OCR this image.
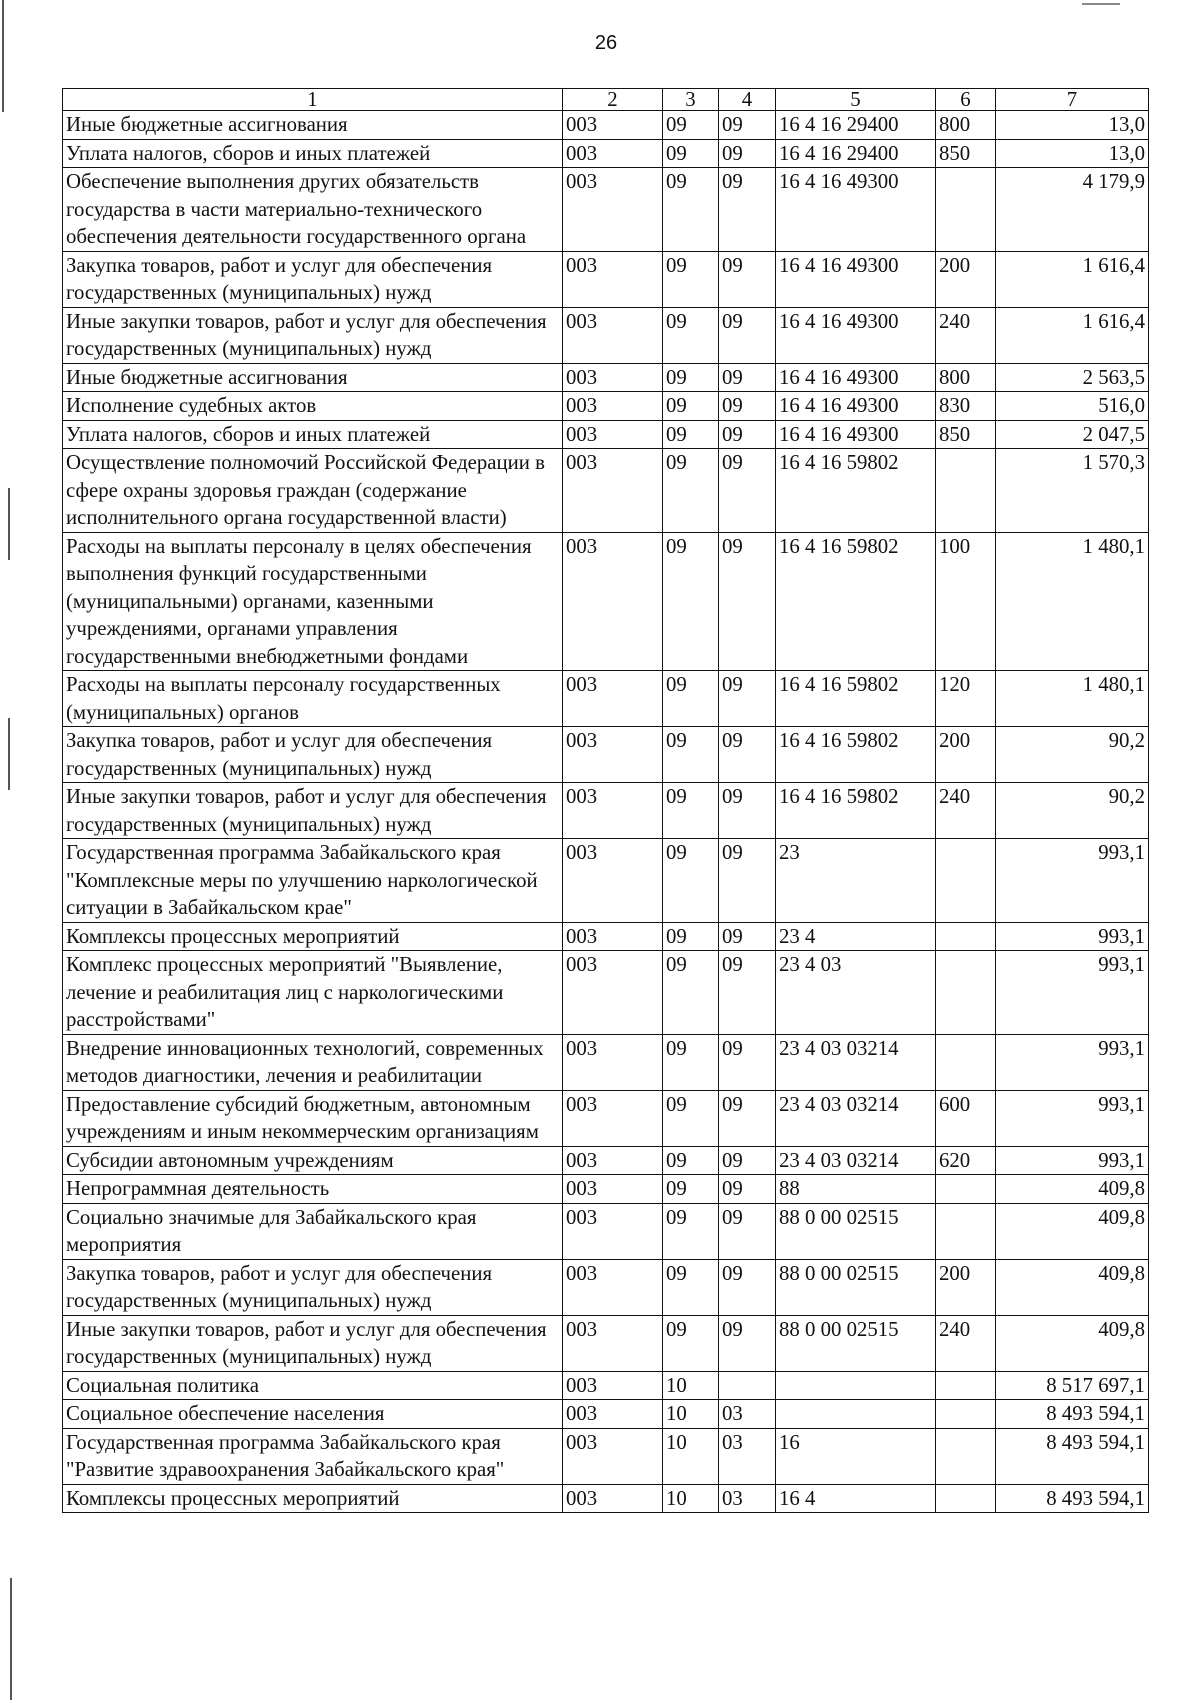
26
1	2	3	4	5	6	7

Иные бюджетные ассигнования	003	09	09	16 4 16 29400	800	13,0

Уплата налогов, сборов и иных платежей	003	09	09	16 4 16 29400	850	13,0

Обеспечение выполнения других обязательств
государства в части материально-технического
обеспечения деятельности государственного органа	003	09	09	16 4 16 49300		4 179,9

Закупка товаров, работ и услуг для обеспечения
государственных (муниципальных) нужд	003	09	09	16 4 16 49300	200	1 616,4

Иные закупки товаров, работ и услуг для обеспечения
государственных (муниципальных) нужд	003	09	09	16 4 16 49300	240	1 616,4

Иные бюджетные ассигнования	003	09	09	16 4 16 49300	800	2 563,5

Исполнение судебных актов	003	09	09	16 4 16 49300	830	516,0

Уплата налогов, сборов и иных платежей	003	09	09	16 4 16 49300	850	2 047,5

Осуществление полномочий Российской Федерации в
сфере охраны здоровья граждан (содержание
исполнительного органа государственной власти)	003	09	09	16 4 16 59802		1 570,3

Расходы на выплаты персоналу в целях обеспечения
выполнения функций государственными
(муниципальными) органами, казенными
учреждениями, органами управления
государственными внебюджетными фондами	003	09	09	16 4 16 59802	100	1 480,1

Расходы на выплаты персоналу государственных
(муниципальных) органов	003	09	09	16 4 16 59802	120	1 480,1

Закупка товаров, работ и услуг для обеспечения
государственных (муниципальных) нужд	003	09	09	16 4 16 59802	200	90,2

Иные закупки товаров, работ и услуг для обеспечения
государственных (муниципальных) нужд	003	09	09	16 4 16 59802	240	90,2

Государственная программа Забайкальского края
"Комплексные меры по улучшению наркологической
ситуации в Забайкальском крае"	003	09	09	23		993,1

Комплексы процессных мероприятий	003	09	09	23 4		993,1

Комплекс процессных мероприятий "Выявление,
лечение и реабилитация лиц с наркологическими
расстройствами"	003	09	09	23 4 03		993,1

Внедрение инновационных технологий, современных
методов диагностики, лечения и реабилитации	003	09	09	23 4 03 03214		993,1

Предоставление субсидий бюджетным, автономным
учреждениям и иным некоммерческим организациям	003	09	09	23 4 03 03214	600	993,1

Субсидии автономным учреждениям	003	09	09	23 4 03 03214	620	993,1

Непрограммная деятельность	003	09	09	88		409,8

Социально значимые для Забайкальского края
мероприятия	003	09	09	88 0 00 02515		409,8

Закупка товаров, работ и услуг для обеспечения
государственных (муниципальных) нужд	003	09	09	88 0 00 02515	200	409,8

Иные закупки товаров, работ и услуг для обеспечения
государственных (муниципальных) нужд	003	09	09	88 0 00 02515	240	409,8

Социальная политика	003	10				8 517 697,1

Социальное обеспечение населения	003	10	03			8 493 594,1

Государственная программа Забайкальского края
"Развитие здравоохранения Забайкальского края"	003	10	03	16		8 493 594,1

Комплексы процессных мероприятий	003	10	03	16 4		8 493 594,1
